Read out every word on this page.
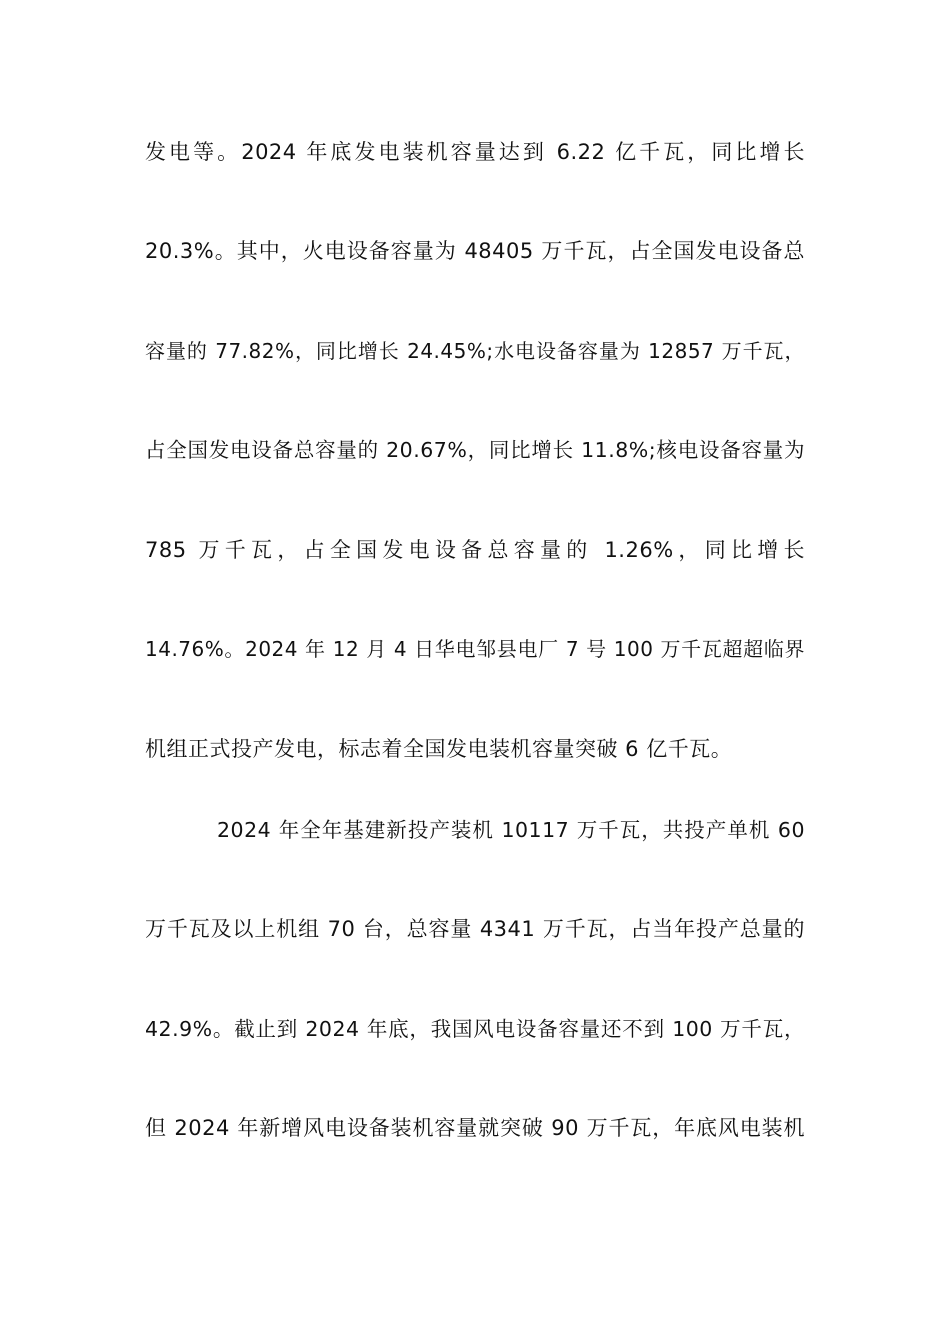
发电等。2024 年底发电装机容量达到 6.22 亿千瓦，同比增长
20.3%。其中，火电设备容量为 48405 万千瓦，占全国发电设备总
容量的 77.82%，同比增长 24.45%;水电设备容量为 12857 万千瓦，
占全国发电设备总容量的 20.67%，同比增长 11.8%;核电设备容量为
785 万千瓦，占全国发电设备总容量的 1.26%，同比增长
14.76%。2024 年 12 月 4 日华电邹县电厂 7 号 100 万千瓦超超临界
机组正式投产发电，标志着全国发电装机容量突破 6 亿千瓦。
2024 年全年基建新投产装机 10117 万千瓦，共投产单机 60
万千瓦及以上机组 70 台，总容量 4341 万千瓦，占当年投产总量的
42.9%。截止到 2024 年底，我国风电设备容量还不到 100 万千瓦，
但 2024 年新增风电设备装机容量就突破 90 万千瓦，年底风电装机
